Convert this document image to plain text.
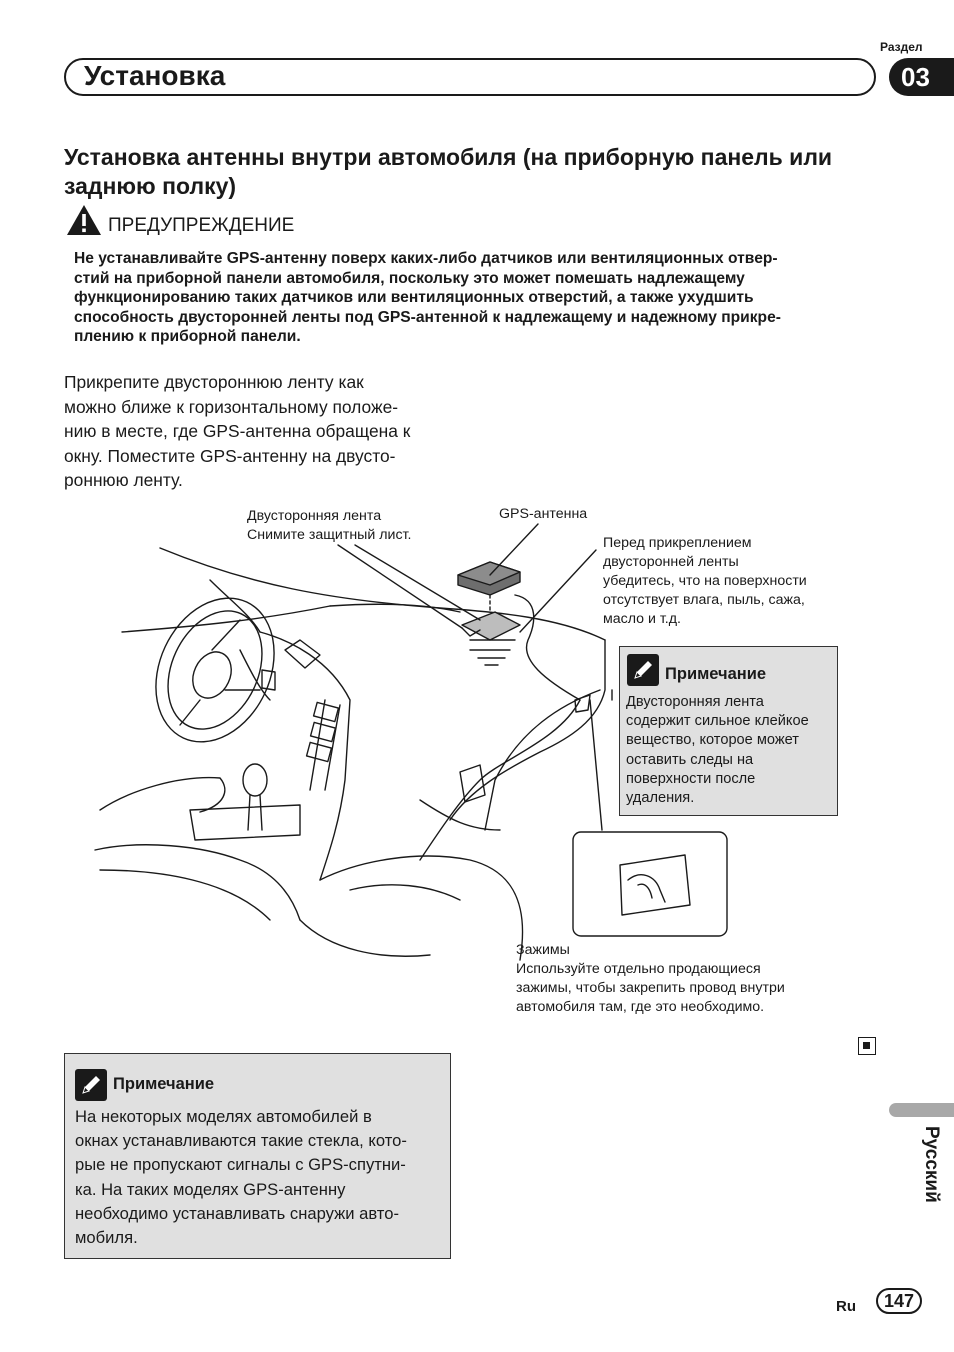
Раздел
Установка	03
Установка антенны внутри автомобиля (на приборную панель или заднюю полку)
ПРЕДУПРЕЖДЕНИЕ
Не устанавливайте GPS-антенну поверх каких-либо датчиков или вентиляционных отвер-
стий на приборной панели автомобиля, поскольку это может помешать надлежащему
функционированию таких датчиков или вентиляционных отверстий, а также ухудшить
способность двусторонней ленты под GPS-антенной к надлежащему и надежному прикре-
плению к приборной панели.
Прикрепите двустороннюю ленту как
можно ближе к горизонтальному положе-
нию в месте, где GPS-антенна обращена к
окну. Поместите GPS-антенну на двусто-
роннюю ленту.
Двусторонняя лента
Снимите защитный лист.
GPS-антенна
Перед прикреплением
двусторонней ленты
убедитесь, что на поверхности
отсутствует влага, пыль, сажа,
масло и т.д.
Зажимы
Используйте отдельно продающиеся
зажимы, чтобы закрепить провод внутри
автомобиля там, где это необходимо.
Примечание
Двусторонняя лента
содержит сильное клейкое
вещество, которое может
оставить следы на
поверхности после
удаления.
Примечание
На некоторых моделях автомобилей в
окнах устанавливаются такие стекла, кото-
рые не пропускают сигналы с GPS-спутни-
ка. На таких моделях GPS-антенну
необходимо устанавливать снаружи авто-
мобиля.
Русский
Ru	147
